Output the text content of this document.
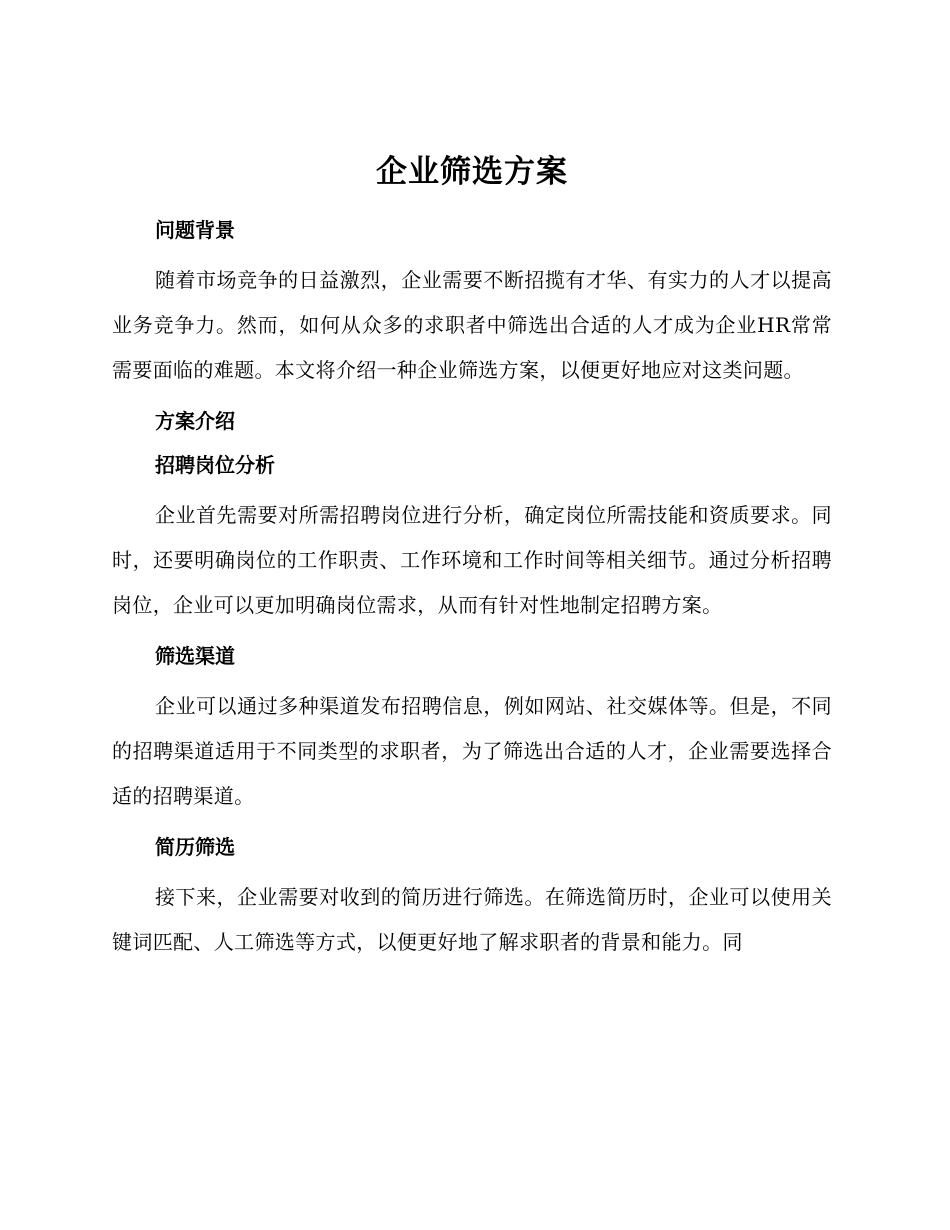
企业筛选方案
问题背景

随着市场竞争的日益激烈，企业需要不断招揽有才华、有实力的人才以提高业务竞争力。然而，如何从众多的求职者中筛选出合适的人才成为企业HR常常需要面临的难题。本文将介绍一种企业筛选方案，以便更好地应对这类问题。

方案介绍
招聘岗位分析

企业首先需要对所需招聘岗位进行分析，确定岗位所需技能和资质要求。同时，还要明确岗位的工作职责、工作环境和工作时间等相关细节。通过分析招聘岗位，企业可以更加明确岗位需求，从而有针对性地制定招聘方案。

筛选渠道

企业可以通过多种渠道发布招聘信息，例如网站、社交媒体等。但是，不同的招聘渠道适用于不同类型的求职者，为了筛选出合适的人才，企业需要选择合适的招聘渠道。

简历筛选

接下来，企业需要对收到的简历进行筛选。在筛选简历时，企业可以使用关键词匹配、人工筛选等方式，以便更好地了解求职者的背景和能力。同
